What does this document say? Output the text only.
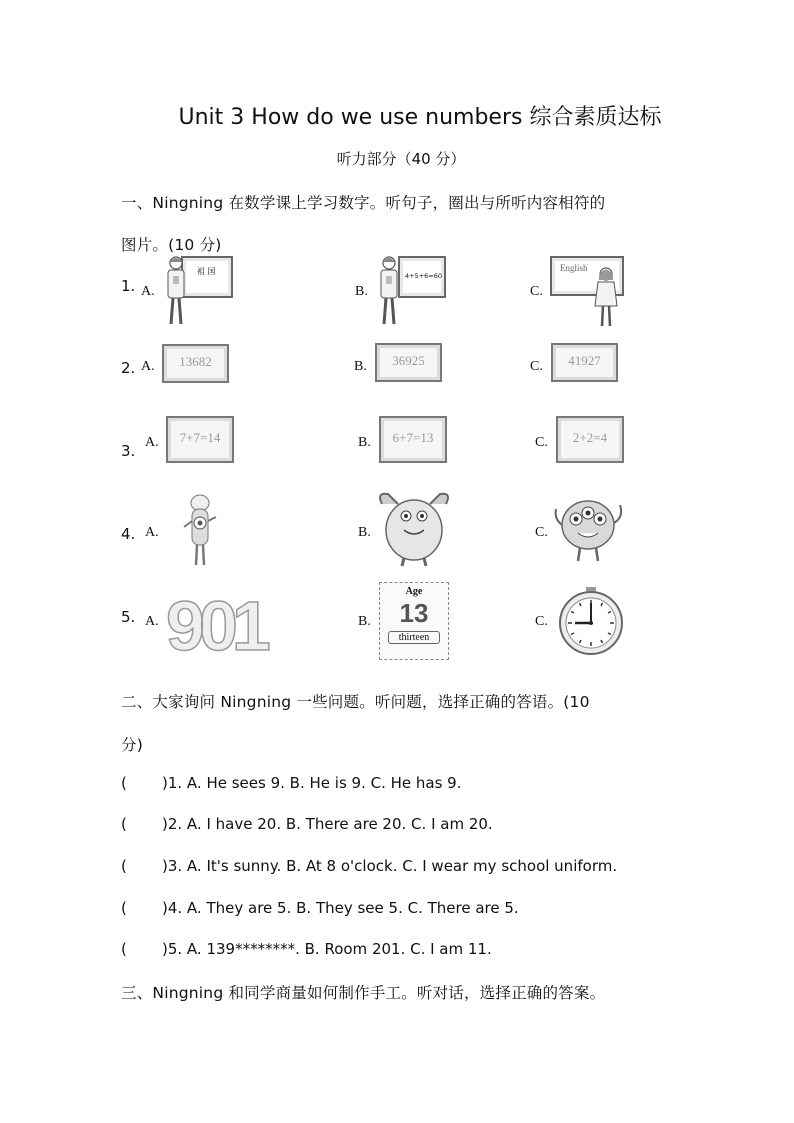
Unit 3 How do we use numbers 综合素质达标
听力部分（40 分）
一、Ningning 在数学课上学习数字。听句子，圈出与所听内容相符的
图片。(10 分)
1. A.
祖 国
B.
4+5+6=60
C.
English
2. A.	13682	B.	36925	C.	41927
3. A.	7+7=14	B.	6+7=13	C.	2+2=4
4. A.	B.	C.
5. A. 901	B.
Age
13
thirteen
C.
二、大家询问 Ningning 一些问题。听问题，选择正确的答语。(10
分)
( )1. A. He sees 9. B. He is 9. C. He has 9.
( )2. A. I have 20. B. There are 20. C. I am 20.
( )3. A. It's sunny. B. At 8 o'clock. C. I wear my school uniform.
( )4. A. They are 5. B. They see 5. C. There are 5.
( )5. A. 139********. B. Room 201. C. I am 11.
三、Ningning 和同学商量如何制作手工。听对话，选择正确的答案。
